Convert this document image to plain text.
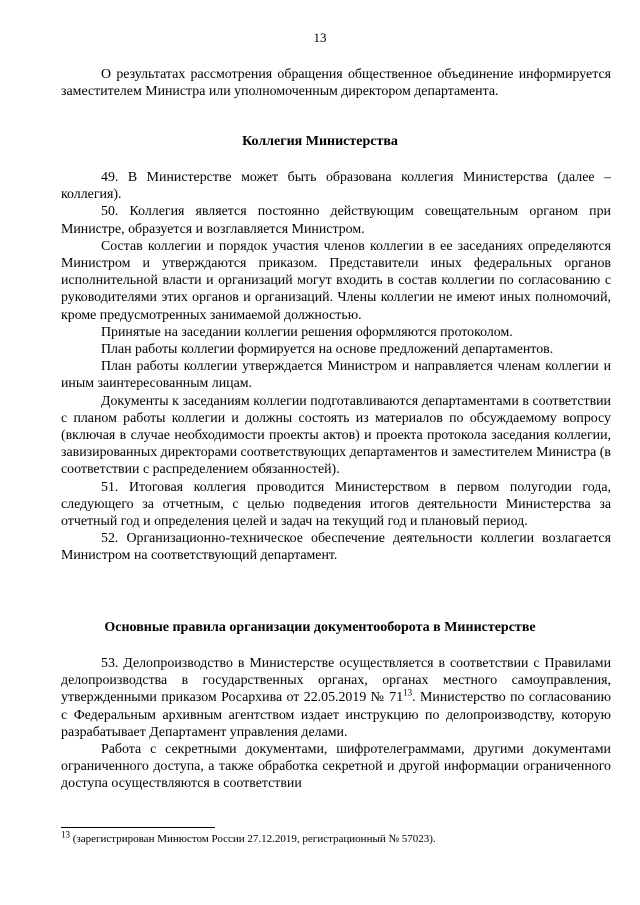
13

О результатах рассмотрения обращения общественное объединение информируется заместителем Министра или уполномоченным директором департамента.

Коллегия Министерства

49. В Министерстве может быть образована коллегия Министерства (далее – коллегия).

50. Коллегия является постоянно действующим совещательным органом при Министре, образуется и возглавляется Министром.

Состав коллегии и порядок участия членов коллегии в ее заседаниях определяются Министром и утверждаются приказом. Представители иных федеральных органов исполнительной власти и организаций могут входить в состав коллегии по согласованию с руководителями этих органов и организаций. Члены коллегии не имеют иных полномочий, кроме предусмотренных занимаемой должностью.

Принятые на заседании коллегии решения оформляются протоколом.

План работы коллегии формируется на основе предложений департаментов.

План работы коллегии утверждается Министром и направляется членам коллегии и иным заинтересованным лицам.

Документы к заседаниям коллегии подготавливаются департаментами в соответствии с планом работы коллегии и должны состоять из материалов по обсуждаемому вопросу (включая в случае необходимости проекты актов) и проекта протокола заседания коллегии, завизированных директорами соответствующих департаментов и заместителем Министра (в соответствии с распределением обязанностей).

51. Итоговая коллегия проводится Министерством в первом полугодии года, следующего за отчетным, с целью подведения итогов деятельности Министерства за отчетный год и определения целей и задач на текущий год и плановый период.

52. Организационно-техническое обеспечение деятельности коллегии возлагается Министром на соответствующий департамент.

Основные правила организации документооборота в Министерстве

53. Делопроизводство в Министерстве осуществляется в соответствии с Правилами делопроизводства в государственных органах, органах местного самоуправления, утвержденными приказом Росархива от 22.05.2019 № $71^{13}$. Министерство по согласованию с Федеральным архивным агентством издает инструкцию по делопроизводству, которую разрабатывает Департамент управления делами.

Работа с секретными документами, шифротелеграммами, другими документами ограниченного доступа, а также обработка секретной и другой информации ограниченного доступа осуществляются в соответствии

$^{13}$ (зарегистрирован Минюстом России 27.12.2019, регистрационный № 57023).
